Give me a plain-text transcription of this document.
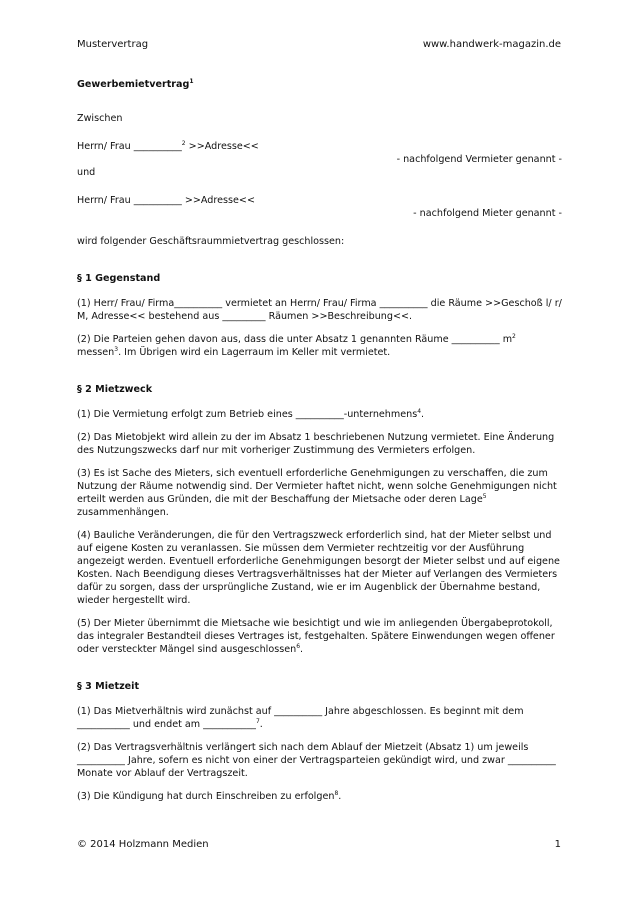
Mustervertrag	www.handwerk-magazin.de

Gewerbemietvertrag$^1$

Zwischen

Herrn/ Frau __________$^2$ >>Adresse<<

- nachfolgend Vermieter genannt -

und

Herrn/ Frau __________ >>Adresse<<

- nachfolgend Mieter genannt -

wird folgender Geschäftsraummietvertrag geschlossen:

§ 1 Gegenstand

(1) Herr/ Frau/ Firma__________ vermietet an Herrn/ Frau/ Firma __________ die Räume >>Geschoß l/ r/ M, Adresse<< bestehend aus _________ Räumen >>Beschreibung<<.

(2) Die Parteien gehen davon aus, dass die unter Absatz 1 genannten Räume __________ $m^2$ messen$^3$. Im Übrigen wird ein Lagerraum im Keller mit vermietet.

§ 2 Mietzweck

(1) Die Vermietung erfolgt zum Betrieb eines __________-unternehmens$^4$.

(2) Das Mietobjekt wird allein zu der im Absatz 1 beschriebenen Nutzung vermietet. Eine Änderung des Nutzungszwecks darf nur mit vorheriger Zustimmung des Vermieters erfolgen.

(3) Es ist Sache des Mieters, sich eventuell erforderliche Genehmigungen zu verschaffen, die zum Nutzung der Räume notwendig sind. Der Vermieter haftet nicht, wenn solche Genehmigungen nicht erteilt werden aus Gründen, die mit der Beschaffung der Mietsache oder deren Lage$^5$ zusammenhängen.

(4) Bauliche Veränderungen, die für den Vertragszweck erforderlich sind, hat der Mieter selbst und auf eigene Kosten zu veranlassen. Sie müssen dem Vermieter rechtzeitig vor der Ausführung angezeigt werden. Eventuell erforderliche Genehmigungen besorgt der Mieter selbst und auf eigene Kosten. Nach Beendigung dieses Vertragsverhältnisses hat der Mieter auf Verlangen des Vermieters dafür zu sorgen, dass der ursprüngliche Zustand, wie er im Augenblick der Übernahme bestand, wieder hergestellt wird.

(5) Der Mieter übernimmt die Mietsache wie besichtigt und wie im anliegenden Übergabeprotokoll, das integraler Bestandteil dieses Vertrages ist, festgehalten. Spätere Einwendungen wegen offener oder versteckter Mängel sind ausgeschlossen$^6$.

§ 3 Mietzeit

(1) Das Mietverhältnis wird zunächst auf __________ Jahre abgeschlossen. Es beginnt mit dem ___________ und endet am ___________$^7$.

(2) Das Vertragsverhältnis verlängert sich nach dem Ablauf der Mietzeit (Absatz 1) um jeweils __________ Jahre, sofern es nicht von einer der Vertragsparteien gekündigt wird, und zwar __________ Monate vor Ablauf der Vertragszeit.

(3) Die Kündigung hat durch Einschreiben zu erfolgen$^8$.

© 2014 Holzmann Medien	1
